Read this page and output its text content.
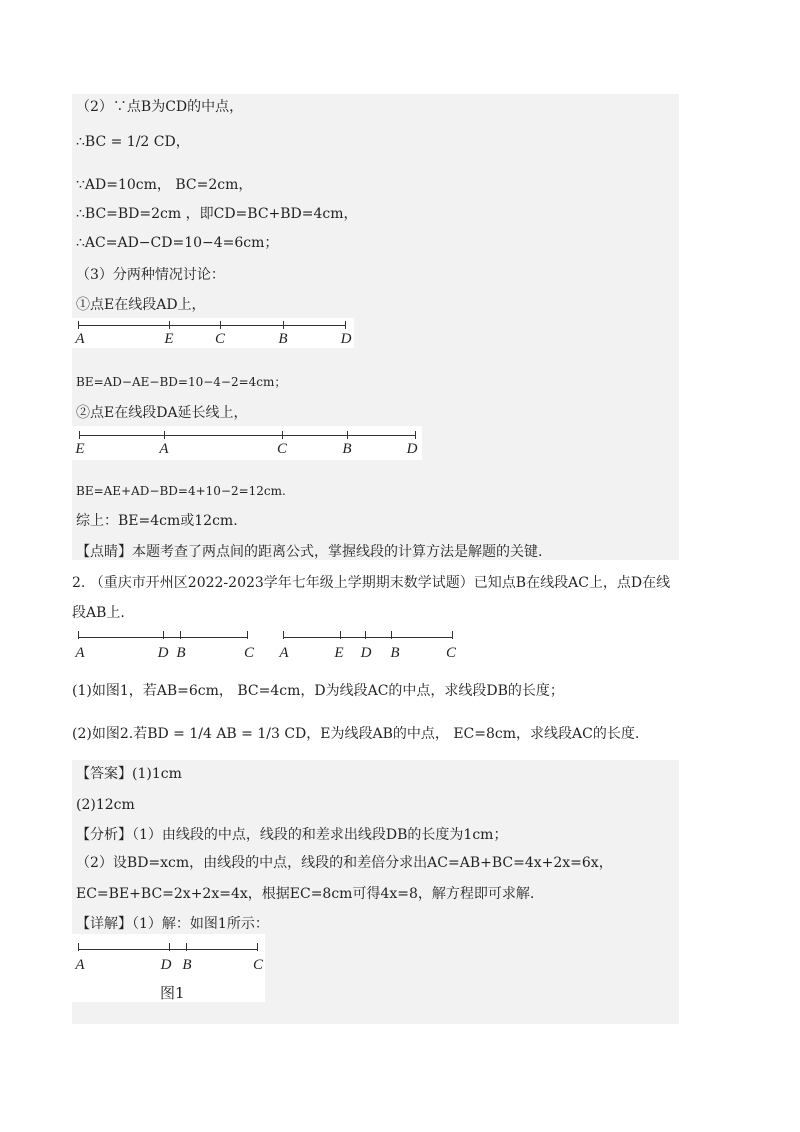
（2）∵点B为CD的中点，
∴BC = 1/2 CD，
∵AD=10cm， BC=2cm，
∴BC=BD=2cm ，即CD=BC+BD=4cm，
∴AC=AD−CD=10−4=6cm；
（3）分两种情况讨论：
①点E在线段AD上，
A	E	C	B	D
BE=AD−AE−BD=10−4−2=4cm；
②点E在线段DA延长线上，
E	A	C	B	D
BE=AE+AD−BD=4+10−2=12cm.
综上：BE=4cm或12cm.
【点睛】本题考查了两点间的距离公式，掌握线段的计算方法是解题的关键.
2. （重庆市开州区2022-2023学年七年级上学期期末数学试题）已知点B在线段AC上，点D在线
段AB上.
A	D B	C A	E D B	C
(1)如图1，若AB=6cm， BC=4cm，D为线段AC的中点，求线段DB的长度；
(2)如图2.若BD = 1/4 AB = 1/3 CD，E为线段AB的中点， EC=8cm，求线段AC的长度.
【答案】(1)1cm
(2)12cm
【分析】（1）由线段的中点，线段的和差求出线段DB的长度为1cm；
（2）设BD=xcm，由线段的中点，线段的和差倍分求出AC=AB+BC=4x+2x=6x，
EC=BE+BC=2x+2x=4x，根据EC=8cm可得4x=8，解方程即可求解.
【详解】（1）解：如图1所示：
A	D B	C
图1
